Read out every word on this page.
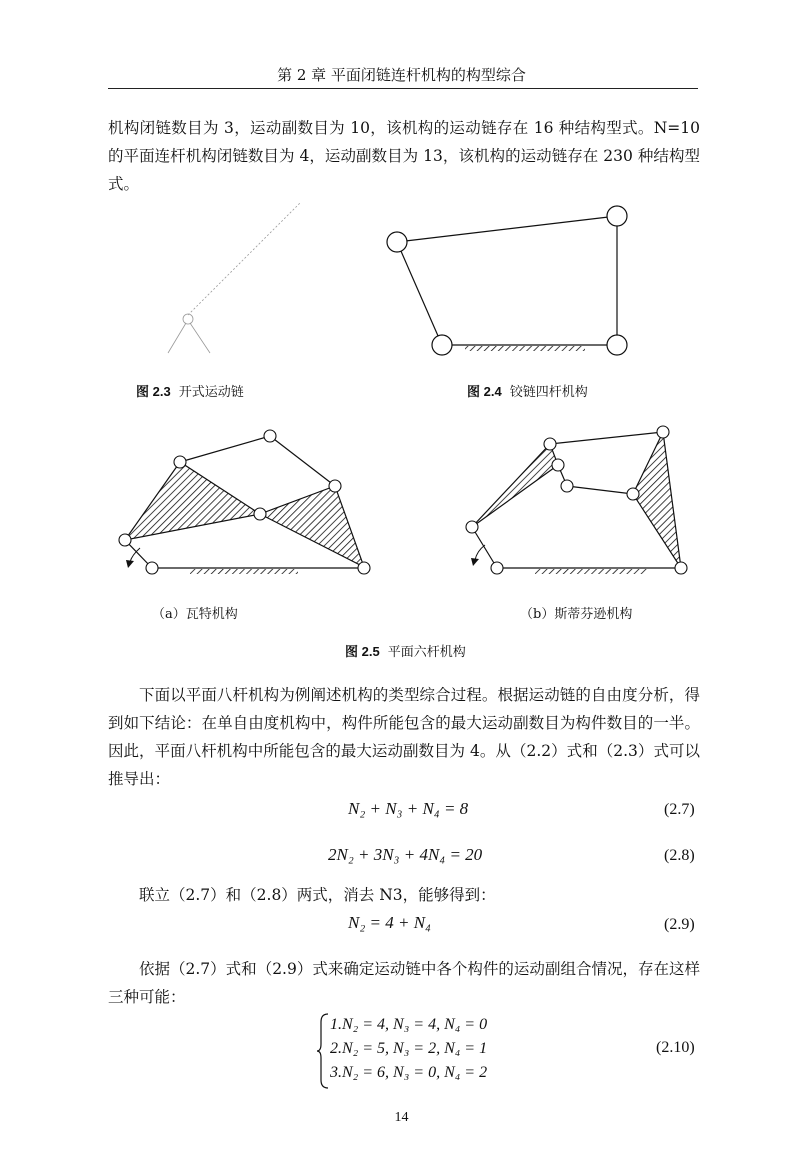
第 2 章 平面闭链连杆机构的构型综合
机构闭链数目为 3，运动副数目为 10，该机构的运动链存在 16 种结构型式。N=10 的平面连杆机构闭链数目为 4，运动副数目为 13，该机构的运动链存在 230 种结构型式。
图 2.3 开式运动链	图 2.4 铰链四杆机构
（a）瓦特机构	（b）斯蒂芬逊机构
图 2.5 平面六杆机构
下面以平面八杆机构为例阐述机构的类型综合过程。根据运动链的自由度分析，得到如下结论：在单自由度机构中，构件所能包含的最大运动副数目为构件数目的一半。因此，平面八杆机构中所能包含的最大运动副数目为 4。从（2.2）式和（2.3）式可以推导出：
N₂ + N₃ + N₄ = 8	(2.7)
2N₂ + 3N₃ + 4N₄ = 20	(2.8)
联立（2.7）和（2.8）两式，消去 N3，能够得到：
N₂ = 4 + N₄	(2.9)
依据（2.7）式和（2.9）式来确定运动链中各个构件的运动副组合情况，存在这样三种可能：
1.N₂ = 4, N₃ = 4, N₄ = 0
2.N₂ = 5, N₃ = 2, N₄ = 1
3.N₂ = 6, N₃ = 0, N₄ = 2
(2.10)
14
